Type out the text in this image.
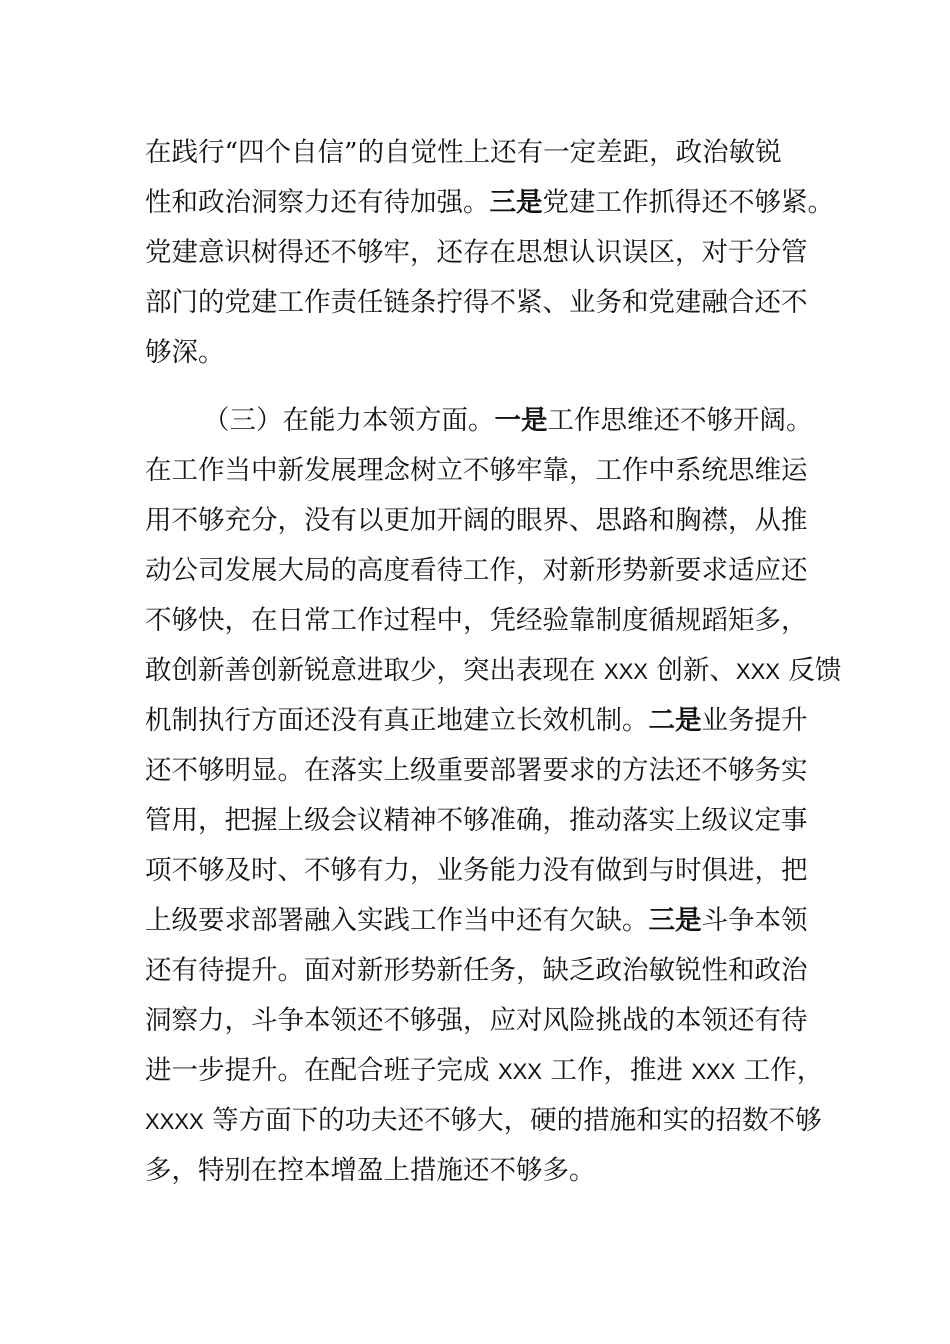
在践行“四个自信”的自觉性上还有一定差距，政治敏锐
性和政治洞察力还有待加强。三是党建工作抓得还不够紧。
党建意识树得还不够牢，还存在思想认识误区，对于分管
部门的党建工作责任链条拧得不紧、业务和党建融合还不
够深。
（三）在能力本领方面。一是工作思维还不够开阔。
在工作当中新发展理念树立不够牢靠，工作中系统思维运
用不够充分，没有以更加开阔的眼界、思路和胸襟，从推
动公司发展大局的高度看待工作，对新形势新要求适应还
不够快，在日常工作过程中，凭经验靠制度循规蹈矩多，
敢创新善创新锐意进取少，突出表现在 XXX 创新、XXX 反馈
机制执行方面还没有真正地建立长效机制。二是业务提升
还不够明显。在落实上级重要部署要求的方法还不够务实
管用，把握上级会议精神不够准确，推动落实上级议定事
项不够及时、不够有力，业务能力没有做到与时俱进，把
上级要求部署融入实践工作当中还有欠缺。三是斗争本领
还有待提升。面对新形势新任务，缺乏政治敏锐性和政治
洞察力，斗争本领还不够强，应对风险挑战的本领还有待
进一步提升。在配合班子完成 XXX 工作，推进 XXX 工作，
XXXX 等方面下的功夫还不够大，硬的措施和实的招数不够
多，特别在控本增盈上措施还不够多。
